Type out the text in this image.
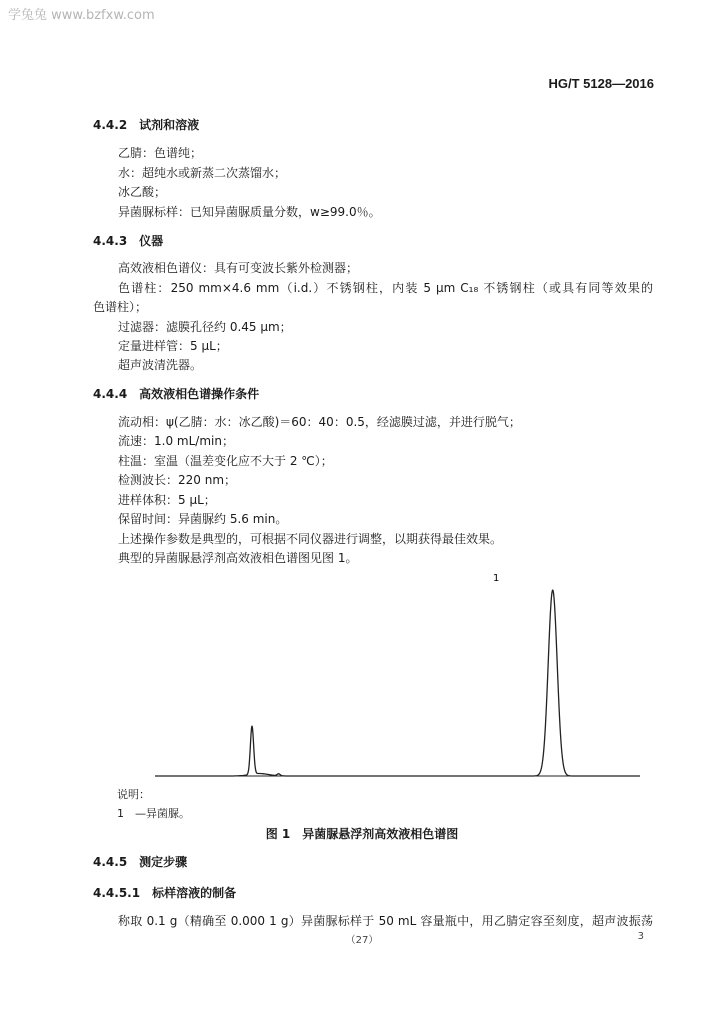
学兔兔 www.bzfxw.com
HG/T 5128—2016
4.4.2　试剂和溶液
乙腈：色谱纯；
水：超纯水或新蒸二次蒸馏水；
冰乙酸；
异菌脲标样：已知异菌脲质量分数，w≥99.0％。
4.4.3　仪器
高效液相色谱仪：具有可变波长紫外检测器；
色谱柱：250 mm×4.6 mm（i.d.）不锈钢柱，内装 5 μm C₁₈ 不锈钢柱（或具有同等效果的
色谱柱）；
过滤器：滤膜孔径约 0.45 μm；
定量进样管：5 μL；
超声波清洗器。
4.4.4　高效液相色谱操作条件
流动相：ψ(乙腈：水：冰乙酸)＝60：40：0.5，经滤膜过滤，并进行脱气；
流速：1.0 mL/min；
柱温：室温（温差变化应不大于 2 ℃）；
检测波长：220 nm；
进样体积：5 μL；
保留时间：异菌脲约 5.6 min。
上述操作参数是典型的，可根据不同仪器进行调整，以期获得最佳效果。
典型的异菌脲悬浮剂高效液相色谱图见图 1。
1
说明：
1　—异菌脲。
图 1　异菌脲悬浮剂高效液相色谱图
4.4.5　测定步骤
4.4.5.1　标样溶液的制备
称取 0.1 g（精确至 0.000 1 g）异菌脲标样于 50 mL 容量瓶中，用乙腈定容至刻度，超声波振荡
（27）	3
